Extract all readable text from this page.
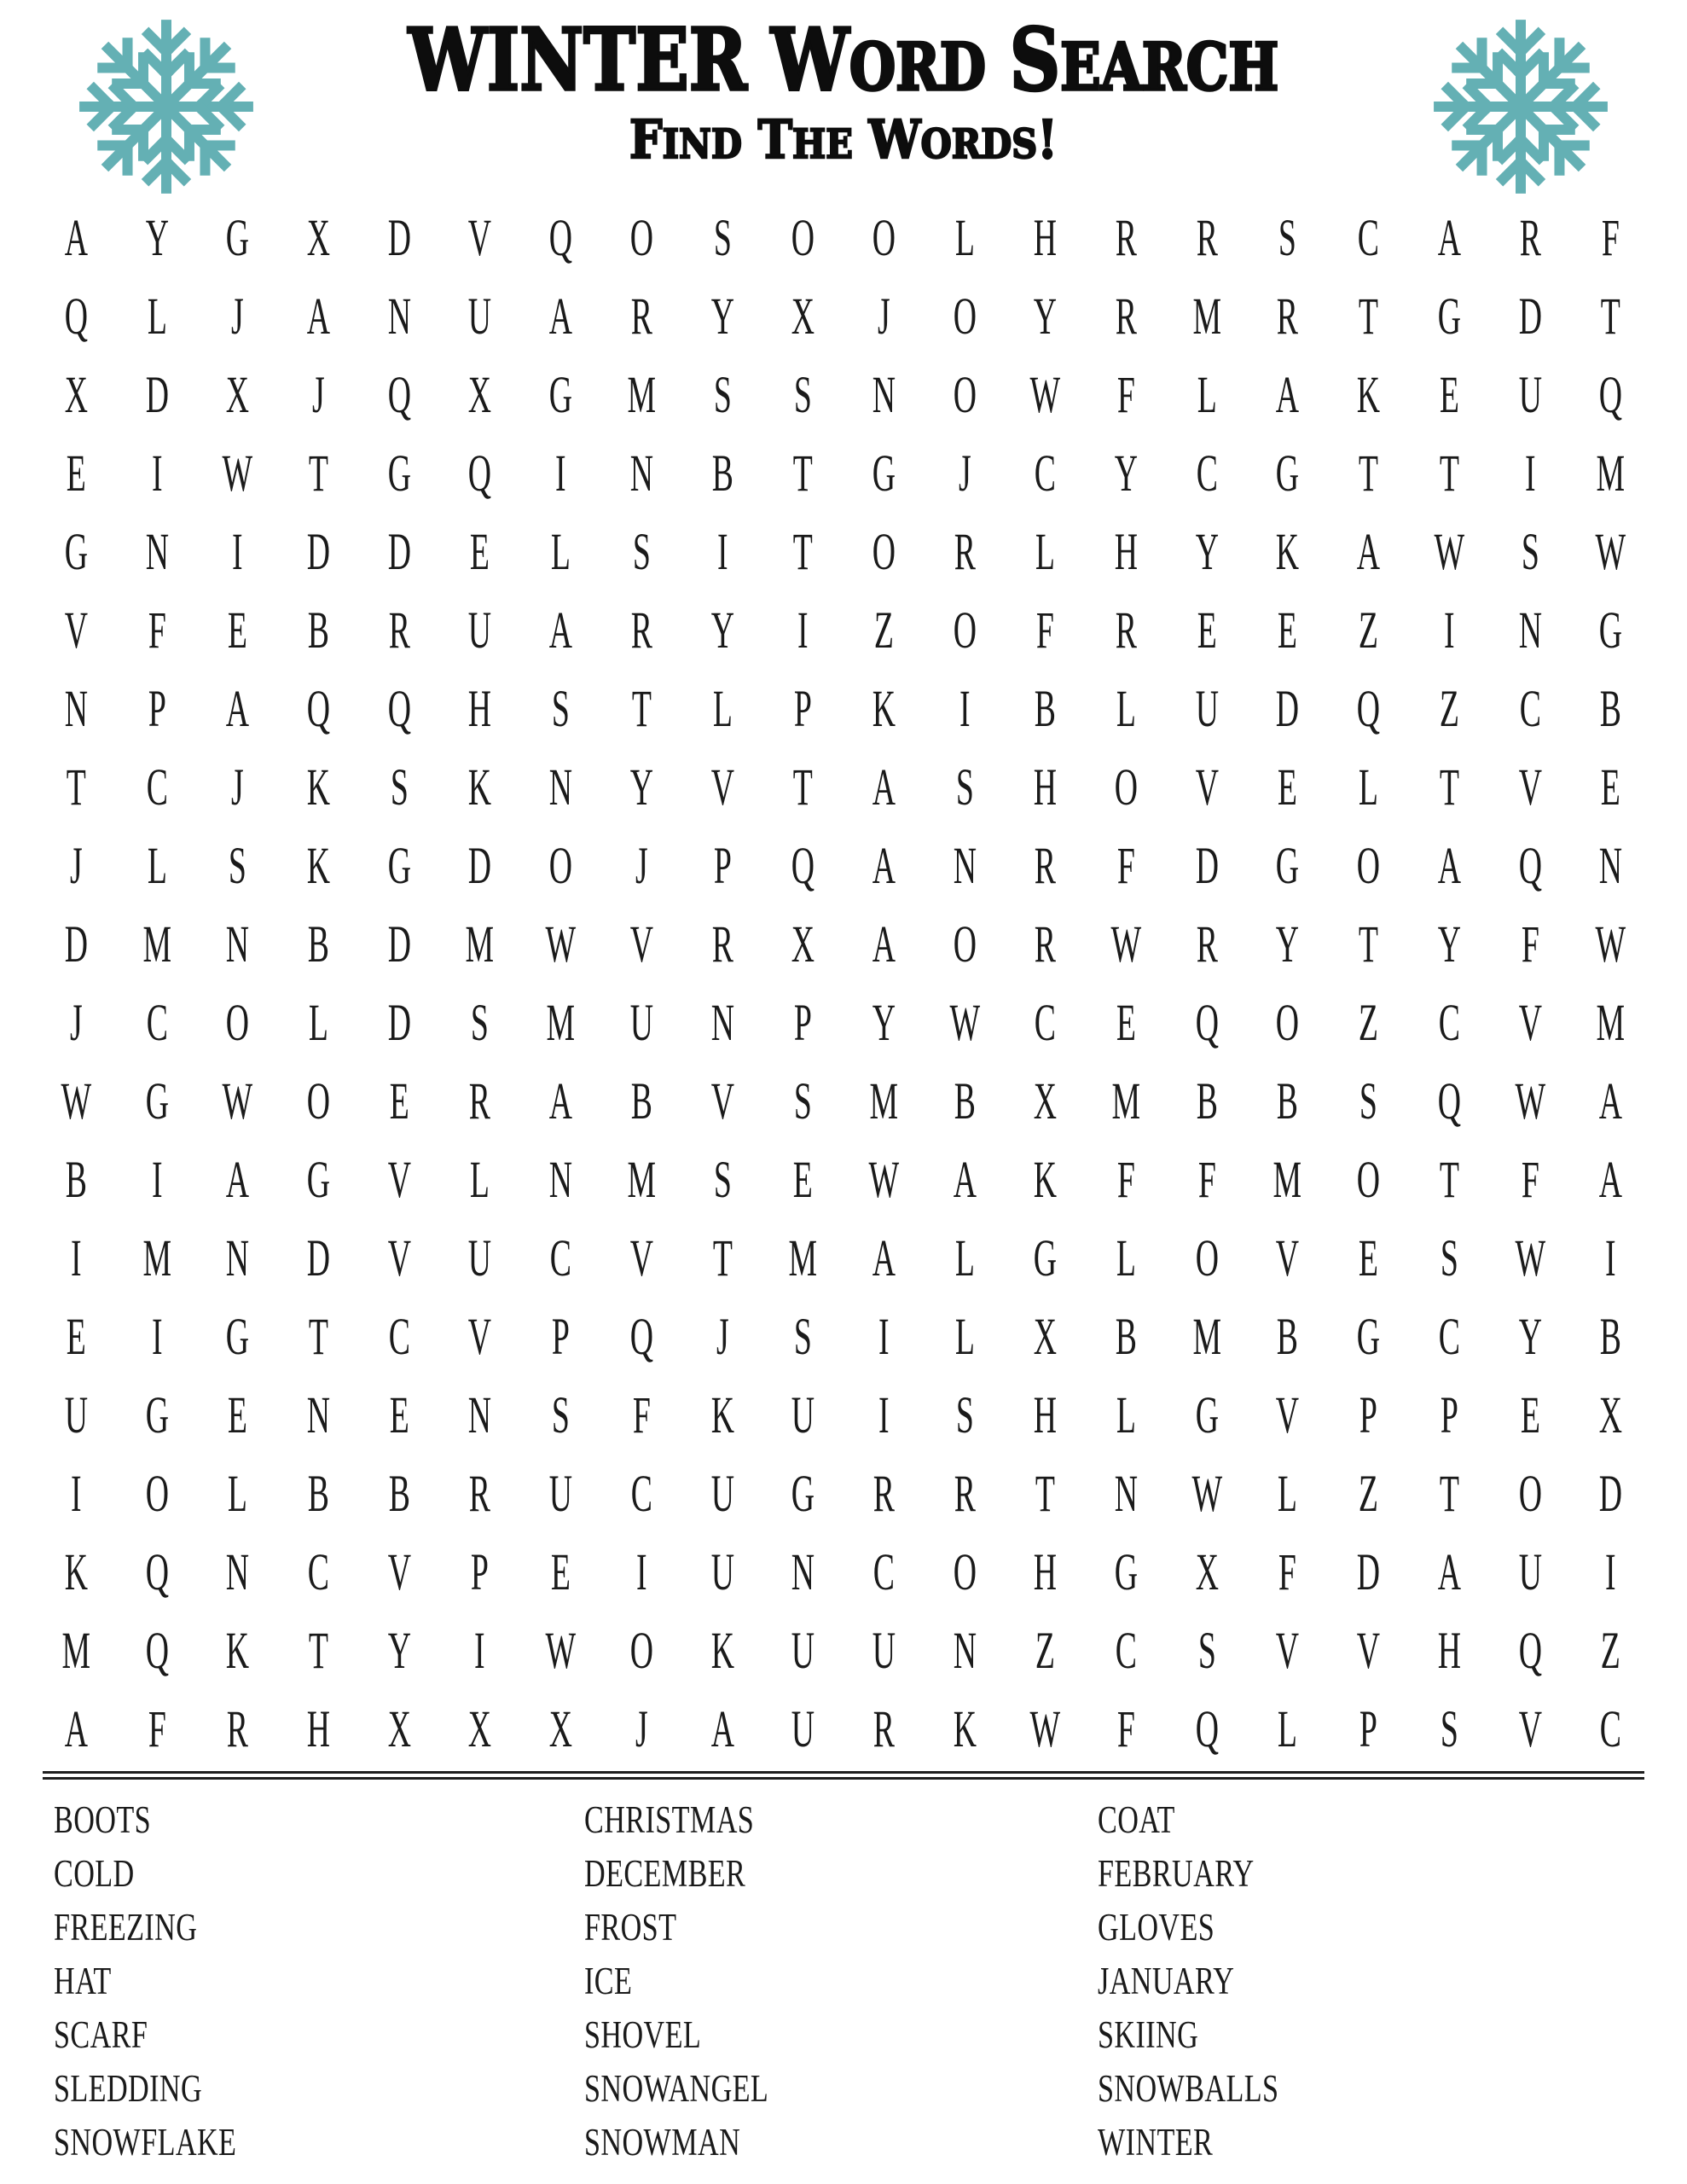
WINTER WORD SEARCH
FIND THE WORDS!
A Y G X D V Q O	S	O O	L	H	R	R	S	C	A	R	F
Q	L	J	A N U A	R	Y X	J	O Y	R	M	R	T	G D	T
X D X	J	Q X G M	S	S	N O W	F	L	A K	E	U Q
E	I	W	T	G Q	I	N	B	T	G	J	C	Y C	G	T	T	I	M
G N	I	D D	E	L	S	I	T	O	R	L	H Y K A W	S	W
V	F	E	B	R	U A	R	Y	I	Z	O	F	R	E	E	Z	I	N G
N	P	A Q Q H	S	T	L	P	K	I	B	L	U D Q	Z	C	B
T	C	J	K	S	K N Y V	T	A	S	H O V	E	L	T	V	E
J	L	S	K G D O	J	P	Q A N	R	F	D G O A Q N
D M N	B	D M W V	R	X A O	R	W R	Y	T	Y	F	W
J	C	O	L	D	S	M U N	P	Y W	C	E	Q O	Z	C	V M
W G W O	E	R	A	B	V	S	M	B	X M B	B	S	Q W A
B	I	A G V	L	N M	S	E	W A K	F	F	M O	T	F	A
I	M N D V U	C	V	T	M A	L	G	L	O V	E	S	W	I
E	I	G	T	C	V	P	Q	J	S	I	L	X	B	M	B	G	C	Y B
U G	E	N	E	N	S	F	K U	I	S	H	L	G V	P	P	E	X
I	O	L	B	B	R	U	C	U G	R	R	T	N W	L	Z	T	O D
K Q N	C	V	P	E	I	U N	C	O H G X	F	D A U	I
M Q K	T	Y	I	W O K U U N	Z	C	S	V V H Q	Z
A	F	R	H X X X	J	A U	R	K W	F	Q	L	P	S	V C
BOOTS
COLD
FREEZING
HAT
SCARF
SLEDDING
SNOWFLAKE
CHRISTMAS
DECEMBER
FROST
ICE
SHOVEL
SNOWANGEL
SNOWMAN
COAT
FEBRUARY
GLOVES
JANUARY
SKIING
SNOWBALLS
WINTER
